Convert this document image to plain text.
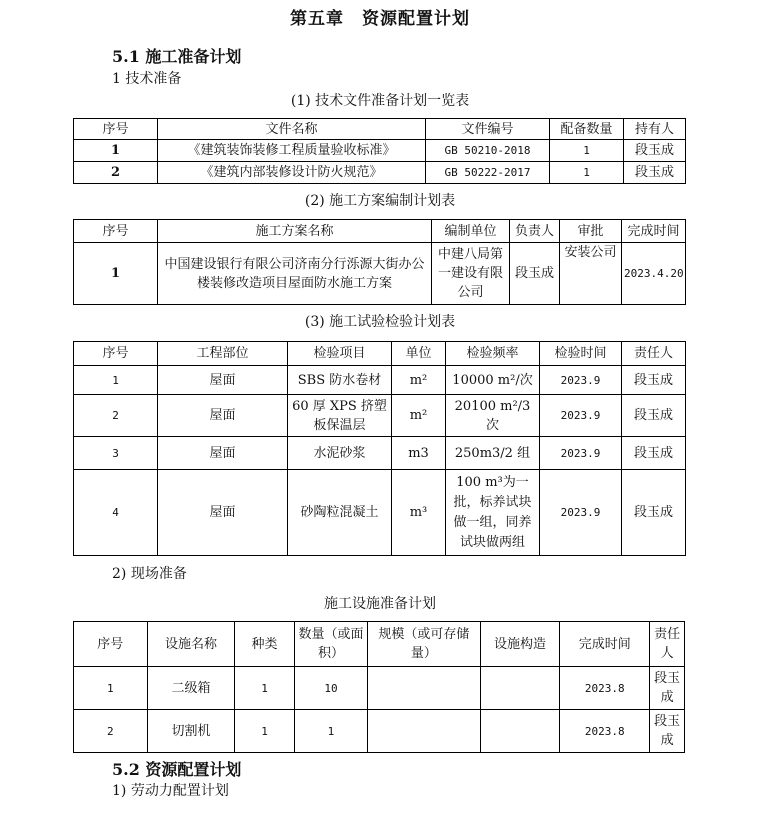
第五章　资源配置计划
5.1 施工准备计划
1 技术准备
(1) 技术文件准备计划一览表
序号	文件名称	文件编号	配备数量	持有人
1	《建筑装饰装修工程质量验收标准》	GB 50210-2018	1	段玉成
2	《建筑内部装修设计防火规范》	GB 50222-2017	1	段玉成
(2) 施工方案编制计划表
序号	施工方案名称	编制单位	负责人	审批	完成时间
1	中国建设银行有限公司济南分行泺源大街办公楼装修改造项目屋面防水施工方案	中建八局第一建设有限公司	段玉成	安装公司	2023.4.20
(3) 施工试验检验计划表
序号	工程部位	检验项目	单位	检验频率	检验时间	责任人
1	屋面	SBS 防水卷材	m²	10000 m²/次	2023.9	段玉成
2	屋面	60 厚 XPS 挤塑板保温层	m²	20100 m²/3 次	2023.9	段玉成
3	屋面	水泥砂浆	m3	250m3/2 组	2023.9	段玉成
4	屋面	砂陶粒混凝土	m³	100 m³为一批，标养试块做一组，同养试块做两组	2023.9	段玉成
2) 现场准备
施工设施准备计划
序号	设施名称	种类	数量（或面积）	规模（或可存储量）	设施构造	完成时间	责任人
1	二级箱	1	10			2023.8	段玉成
2	切割机	1	1			2023.8	段玉成
5.2 资源配置计划
1) 劳动力配置计划
